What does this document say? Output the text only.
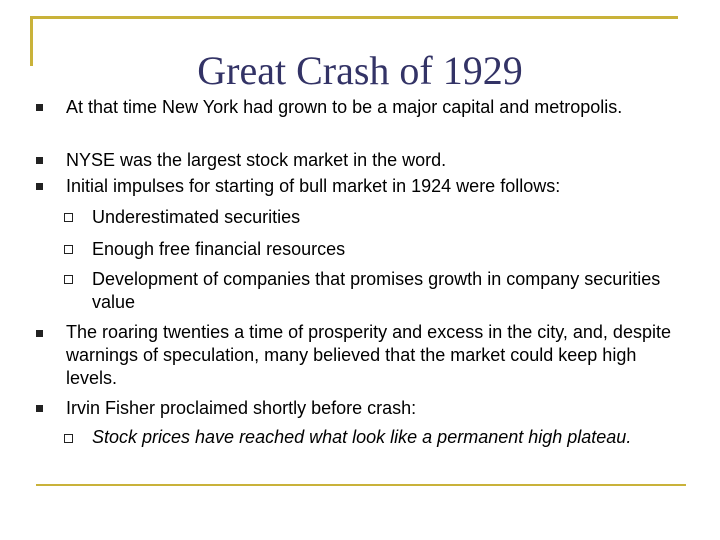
Great Crash of 1929
At that time New York had grown to be a major capital and metropolis.
NYSE was the largest stock market in the word.
Initial impulses for starting of bull market in 1924 were follows:
Underestimated securities
Enough free financial resources
Development of companies that promises growth in company securities value
The roaring twenties a time of prosperity and excess in the city, and, despite warnings of speculation, many believed that the market could keep high levels.
Irvin Fisher proclaimed shortly before crash:
Stock prices have reached what look like a permanent high plateau.
